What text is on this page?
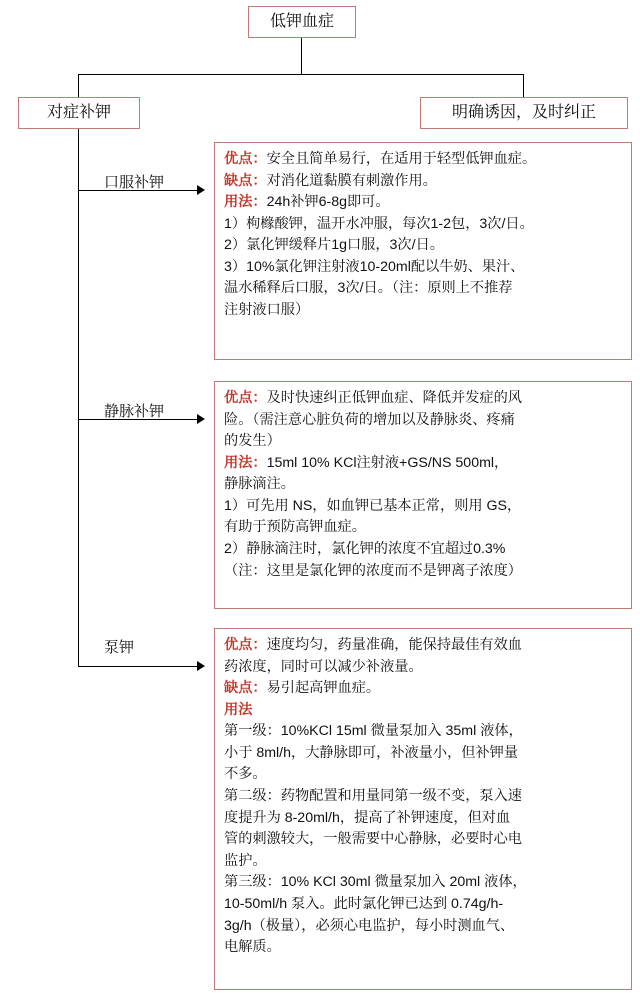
低钾血症
对症补钾	明确诱因，及时纠正
口服补钾
静脉补钾
泵钾

优点：安全且简单易行，在适用于轻型低钾血症。

缺点：对消化道黏膜有刺激作用。

用法：24h补钾6-8g即可。

1）枸橼酸钾，温开水冲服，每次1-2包，3次/日。

2）氯化钾缓释片1g口服，3次/日。

3）10%氯化钾注射液10-20ml配以牛奶、果汁、

温水稀释后口服，3次/日。（注：原则上不推荐

注射液口服）

优点：及时快速纠正低钾血症、降低并发症的风

险。（需注意心脏负荷的增加以及静脉炎、疼痛

的发生）

用法：15ml 10% KCl注射液+GS/NS 500ml，

静脉滴注。

1）可先用 NS，如血钾已基本正常，则用 GS，

有助于预防高钾血症。

2）静脉滴注时，氯化钾的浓度不宜超过0.3%

（注：这里是氯化钾的浓度而不是钾离子浓度）

优点：速度均匀，药量准确，能保持最佳有效血

药浓度，同时可以减少补液量。

缺点：易引起高钾血症。

用法

第一级：10%KCl 15ml 微量泵加入 35ml 液体，

小于 8ml/h，大静脉即可，补液量小，但补钾量

不多。

第二级：药物配置和用量同第一级不变，泵入速

度提升为 8-20ml/h，提高了补钾速度，但对血

管的刺激较大，一般需要中心静脉，必要时心电

监护。

第三级：10% KCl 30ml 微量泵加入 20ml 液体，

10-50ml/h 泵入。此时氯化钾已达到 0.74g/h-

3g/h（极量），必须心电监护，每小时测血气、

电解质。
